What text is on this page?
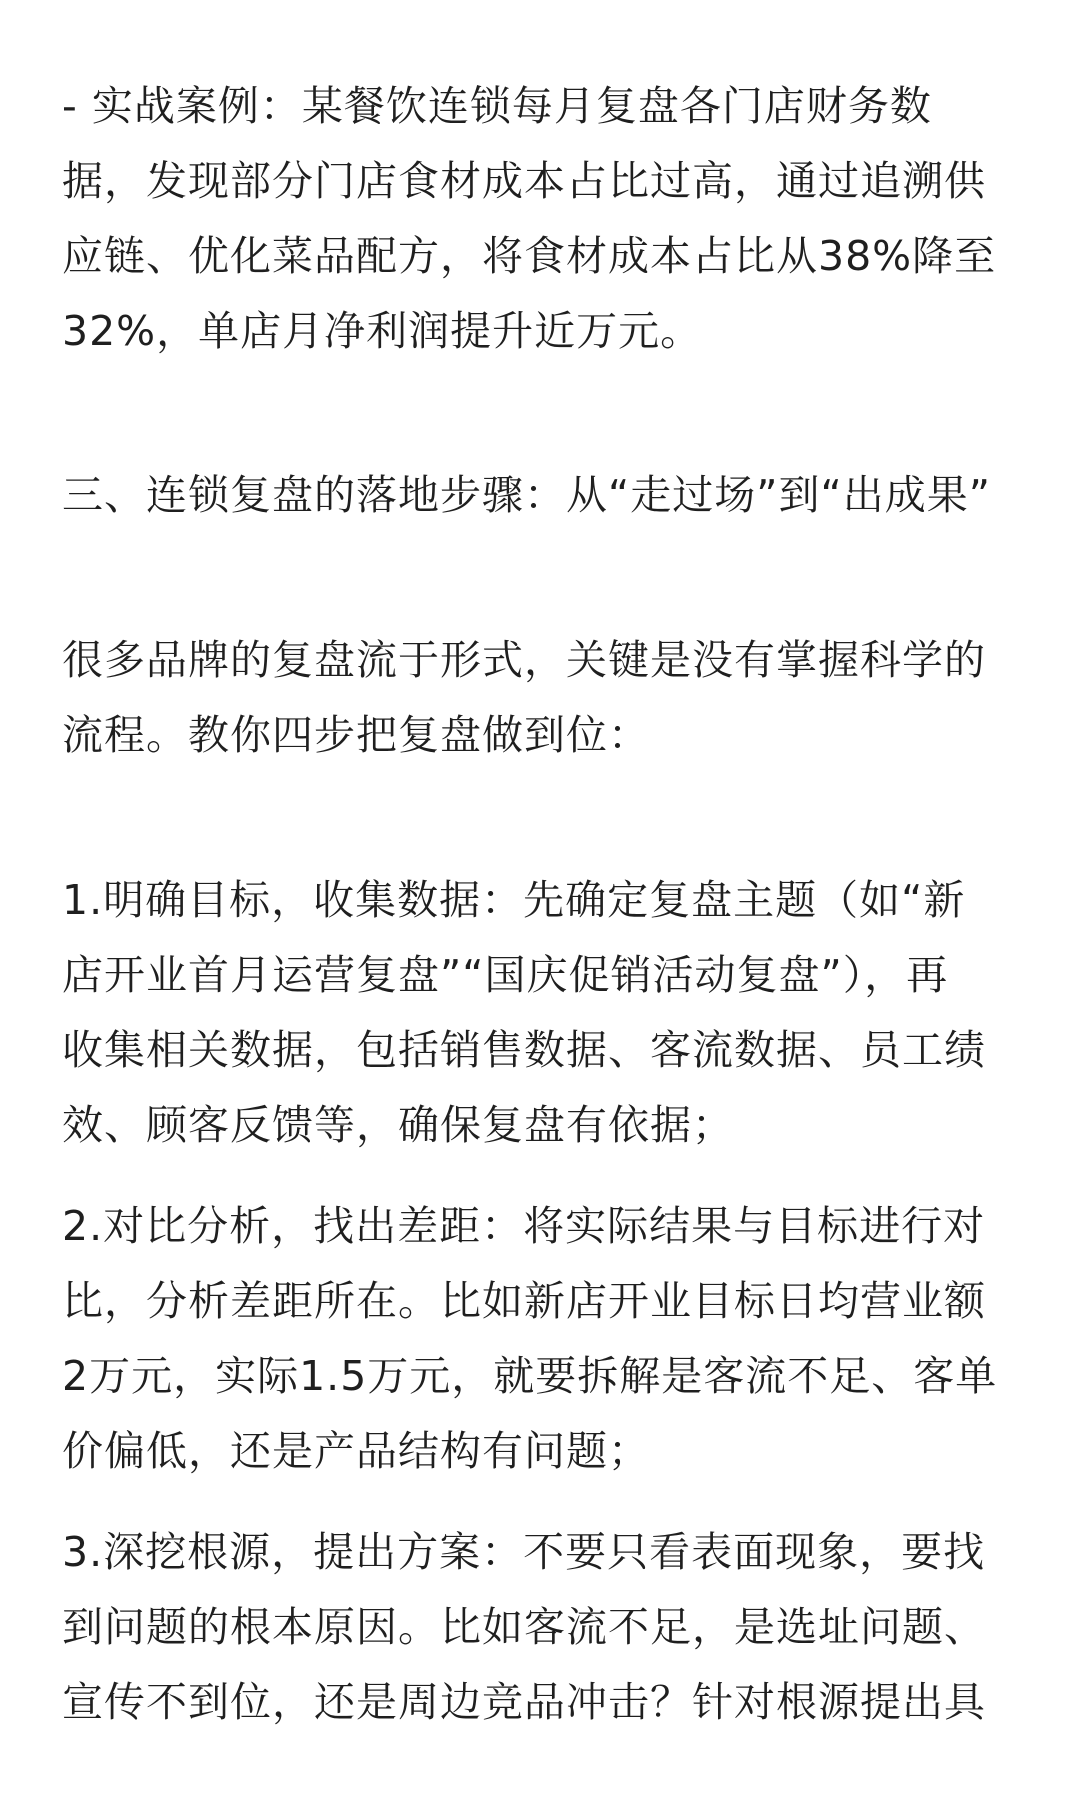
- 实战案例：某餐饮连锁每月复盘各门店财务数
据，发现部分门店食材成本占比过高，通过追溯供
应链、优化菜品配方，将食材成本占比从38%降至
32%，单店月净利润提升近万元。
三、连锁复盘的落地步骤：从“走过场”到“出成果”
很多品牌的复盘流于形式，关键是没有掌握科学的
流程。教你四步把复盘做到位：
1.明确目标，收集数据：先确定复盘主题（如“新
店开业首月运营复盘”“国庆促销活动复盘”），再
收集相关数据，包括销售数据、客流数据、员工绩
效、顾客反馈等，确保复盘有依据；
2.对比分析，找出差距：将实际结果与目标进行对
比，分析差距所在。比如新店开业目标日均营业额
2万元，实际1.5万元，就要拆解是客流不足、客单
价偏低，还是产品结构有问题；
3.深挖根源，提出方案：不要只看表面现象，要找
到问题的根本原因。比如客流不足，是选址问题、
宣传不到位，还是周边竞品冲击？针对根源提出具
